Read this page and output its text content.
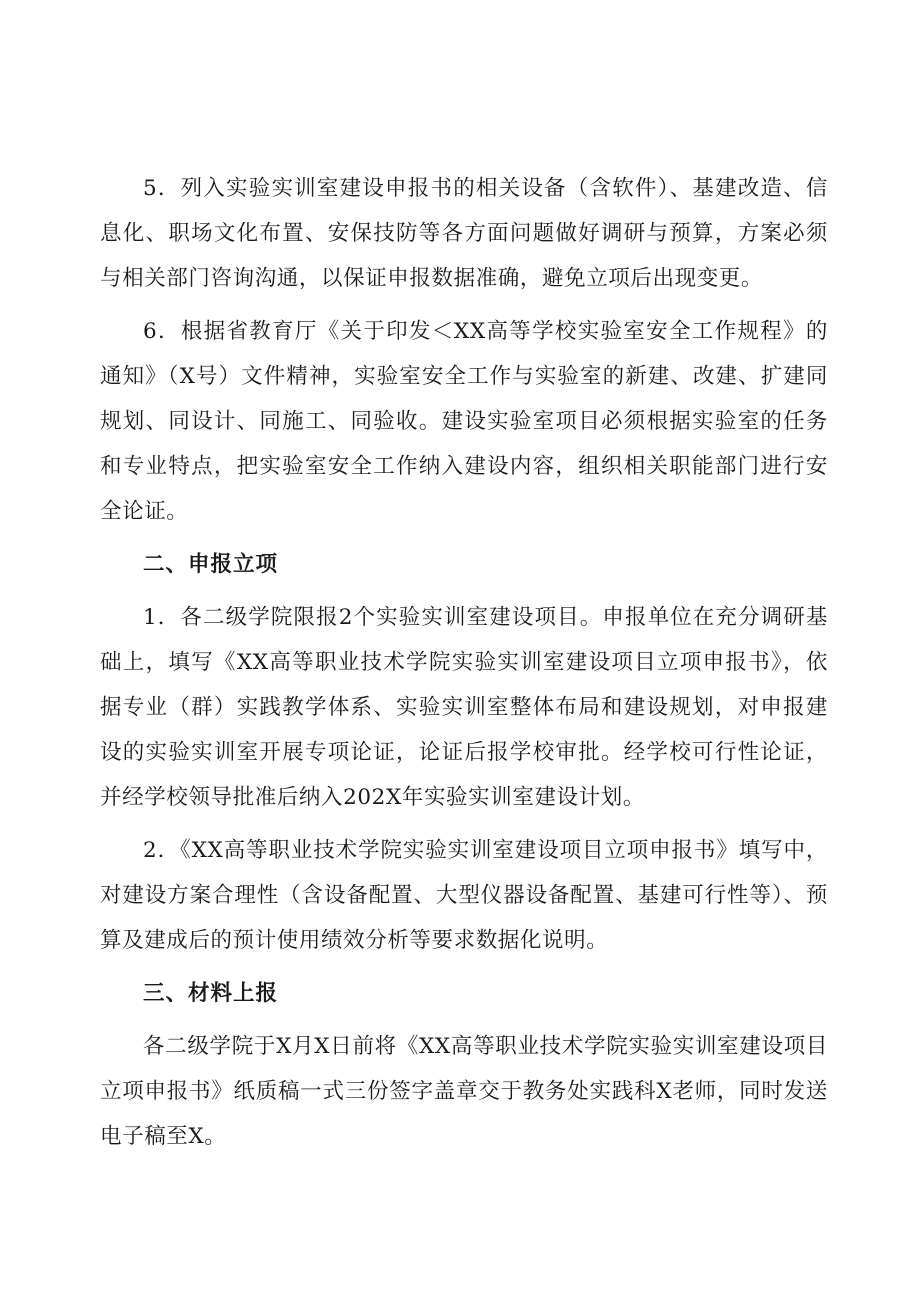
5．列入实验实训室建设申报书的相关设备（含软件）、基建改造、信息化、职场文化布置、安保技防等各方面问题做好调研与预算，方案必须与相关部门咨询沟通，以保证申报数据准确，避免立项后出现变更。

6．根据省教育厅《关于印发＜XX高等学校实验室安全工作规程》的通知》（X号）文件精神，实验室安全工作与实验室的新建、改建、扩建同规划、同设计、同施工、同验收。建设实验室项目必须根据实验室的任务和专业特点，把实验室安全工作纳入建设内容，组织相关职能部门进行安全论证。

二、申报立项

1．各二级学院限报2个实验实训室建设项目。申报单位在充分调研基础上，填写《XX高等职业技术学院实验实训室建设项目立项申报书》，依据专业（群）实践教学体系、实验实训室整体布局和建设规划，对申报建设的实验实训室开展专项论证，论证后报学校审批。经学校可行性论证，并经学校领导批准后纳入202X年实验实训室建设计划。

2．《XX高等职业技术学院实验实训室建设项目立项申报书》填写中，对建设方案合理性（含设备配置、大型仪器设备配置、基建可行性等）、预算及建成后的预计使用绩效分析等要求数据化说明。

三、材料上报

各二级学院于X月X日前将《XX高等职业技术学院实验实训室建设项目立项申报书》纸质稿一式三份签字盖章交于教务处实践科X老师，同时发送电子稿至X。
